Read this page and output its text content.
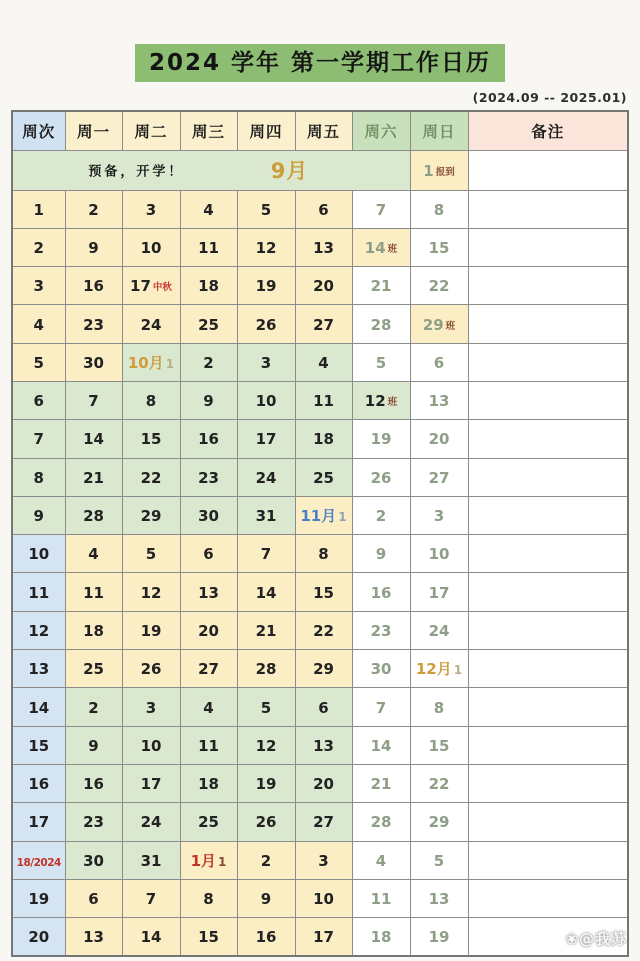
2024 学年 第一学期工作日历
(2024.09 -- 2025.01)
周次	周一	周二	周三	周四	周五	周六	周日	备注

预备，开学！ 9月							1 报到	
1	2	3	4	5	6	7	8	
2	9	10	11	12	13	14 班	15	
3	16	17 中秋	18	19	20	21	22	
4	23	24	25	26	27	28	29 班	
5	30	10月 1	2	3	4	5	6	
6	7	8	9	10	11	12 班	13	
7	14	15	16	17	18	19	20	
8	21	22	23	24	25	26	27	
9	28	29	30	31	11月 1	2	3	
10	4	5	6	7	8	9	10	
11	11	12	13	14	15	16	17	
12	18	19	20	21	22	23	24	
13	25	26	27	28	29	30	12月 1	
14	2	3	4	5	6	7	8	
15	9	10	11	12	13	14	15	
16	16	17	18	19	20	21	22	
17	23	24	25	26	27	28	29	
18/2024	30	31	1月 1	2	3	4	5	
19	6	7	8	9	10	11	13	
20	13	14	15	16	17	18	19		❀@我苏
